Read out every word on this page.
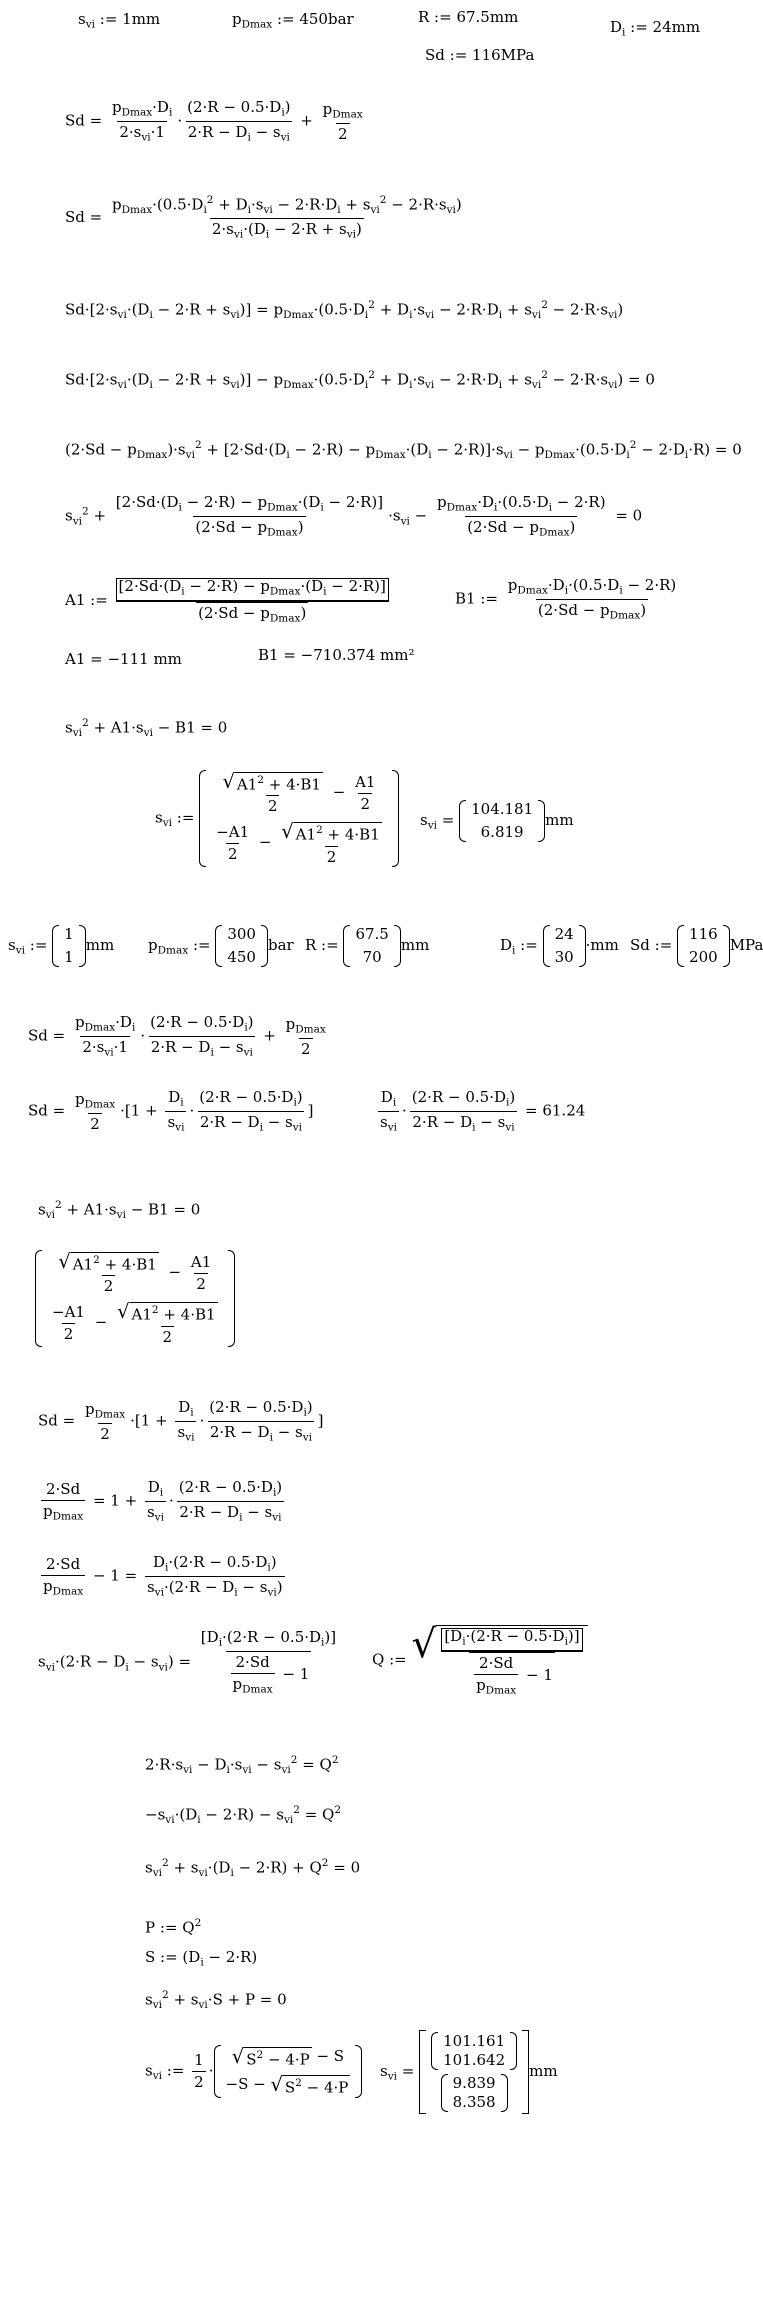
$s_{vi}$ := 1mm	$p_{Dmax}$ := 450bar	R := 67.5mm
$D_i$ := 24mm
Sd := 116MPa
$Sd = \frac{p_{Dmax}\cdot D_i}{2\cdot s_{vi}\cdot 1} \cdot \frac{(2\cdot R - 0.5\cdot D_i)}{2\cdot R - D_i - s_{vi}} + \frac{p_{Dmax}}{2}$
$Sd = \frac{p_{Dmax}\cdot(0.5\cdot D_i^2 + D_i\cdot s_{vi} - 2\cdot R\cdot D_i + s_{vi}^2 - 2\cdot R\cdot s_{vi})}{2\cdot s_{vi}\cdot(D_i - 2\cdot R + s_{vi})}$
$Sd\cdot[2\cdot s_{vi}\cdot(D_i - 2\cdot R + s_{vi})] = p_{Dmax}\cdot(0.5\cdot D_i^2 + D_i\cdot s_{vi} - 2\cdot R\cdot D_i + s_{vi}^2 - 2\cdot R\cdot s_{vi})$
$Sd\cdot[2\cdot s_{vi}\cdot(D_i - 2\cdot R + s_{vi})] - p_{Dmax}\cdot(0.5\cdot D_i^2 + D_i\cdot s_{vi} - 2\cdot R\cdot D_i + s_{vi}^2 - 2\cdot R\cdot s_{vi}) = 0$
$(2\cdot Sd - p_{Dmax})\cdot s_{vi}^2 + [2\cdot Sd\cdot(D_i - 2\cdot R) - p_{Dmax}\cdot(D_i - 2\cdot R)]\cdot s_{vi} - p_{Dmax}\cdot(0.5\cdot D_i^2 - 2\cdot D_i\cdot R) = 0$
$s_{vi}^2 + \frac{[2\cdot Sd\cdot(D_i - 2\cdot R) - p_{Dmax}\cdot(D_i - 2\cdot R)]}{(2\cdot Sd - p_{Dmax})} \cdot s_{vi} - \frac{p_{Dmax}\cdot D_i\cdot(0.5\cdot D_i - 2\cdot R)}{(2\cdot Sd - p_{Dmax})} = 0$
A1 := $\frac{[2\cdot Sd\cdot(D_i - 2\cdot R) - p_{Dmax}\cdot(D_i - 2\cdot R)]}{(2\cdot Sd - p_{Dmax})}$	B1 := $\frac{p_{Dmax}\cdot D_i\cdot(0.5\cdot D_i - 2\cdot R)}{(2\cdot Sd - p_{Dmax})}$
A1 = −111 mm	B1 = −710.374 mm²
$s_{vi}^2 + A1\cdot s_{vi} - B1 = 0$
$s_{vi}$ :=
$\frac{√ A1^2 + 4\cdot B1}{2} - \frac{A1}{2}$
$\frac{-A1}{2} - \frac{√ A1^2 + 4\cdot B1}{2}$
$s_{vi}$ =
104.181
6.819
mm
$s_{vi}$ :=
1
1
mm $p_{Dmax}$ :=
300
450
bar R :=
67.5
70
mm	$D_i$ :=
24
30
·mm Sd :=
116
200
MPa
$Sd = \frac{p_{Dmax}\cdot D_i}{2\cdot s_{vi}\cdot 1} \cdot \frac{(2\cdot R - 0.5\cdot D_i)}{2\cdot R - D_i - s_{vi}} + \frac{p_{Dmax}}{2}$
$Sd = \frac{p_{Dmax}}{2} \cdot[1 + \frac{D_i}{s_{vi}} \cdot \frac{(2\cdot R - 0.5\cdot D_i)}{2\cdot R - D_i - s_{vi}}$ ]	$\frac{D_i}{s_{vi}} \cdot \frac{(2\cdot R - 0.5\cdot D_i)}{2\cdot R - D_i - s_{vi}} = 61.24$
$s_{vi}^2 + A1\cdot s_{vi} - B1 = 0$
$\frac{√ A1^2 + 4\cdot B1}{2} - \frac{A1}{2}$
$\frac{-A1}{2} - \frac{√ A1^2 + 4\cdot B1}{2}$
$Sd = \frac{p_{Dmax}}{2} \cdot[1 + \frac{D_i}{s_{vi}} \cdot \frac{(2\cdot R - 0.5\cdot D_i)}{2\cdot R - D_i - s_{vi}}$ ]
$\frac{2\cdot Sd}{p_{Dmax}} = 1 + \frac{D_i}{s_{vi}} \cdot \frac{(2\cdot R - 0.5\cdot D_i)}{2\cdot R - D_i - s_{vi}}$
$\frac{2\cdot Sd}{p_{Dmax}} - 1 = \frac{D_i\cdot(2\cdot R - 0.5\cdot D_i)}{s_{vi}\cdot(2\cdot R - D_i - s_{vi})}$
$s_{vi}\cdot(2\cdot R - D_i - s_{vi}) = \frac{[D_i\cdot(2\cdot R - 0.5\cdot D_i)]}{\frac{2\cdot Sd}{p_{Dmax}} - 1}$ Q := √ $\frac{[D_i\cdot(2\cdot R - 0.5\cdot D_i)]}{\frac{2\cdot Sd}{p_{Dmax}} - 1}$
$2\cdot R\cdot s_{vi} - D_i\cdot s_{vi} - s_{vi}^2 = Q^2$
$-s_{vi}\cdot(D_i - 2\cdot R) - s_{vi}^2 = Q^2$
$s_{vi}^2 + s_{vi}\cdot(D_i - 2\cdot R) + Q^2 = 0$
P := $Q^2$
S := $(D_i - 2\cdot R)$
$s_{vi}^2 + s_{vi}\cdot S + P = 0$
$s_{vi}$ := $\frac{1}{2}$ ·
√ $S^2 - 4\cdot P - S$
−S − √ $S^2 - 4\cdot P$
$s_{vi}$ =
101.161
101.642
9.839
8.358
mm
